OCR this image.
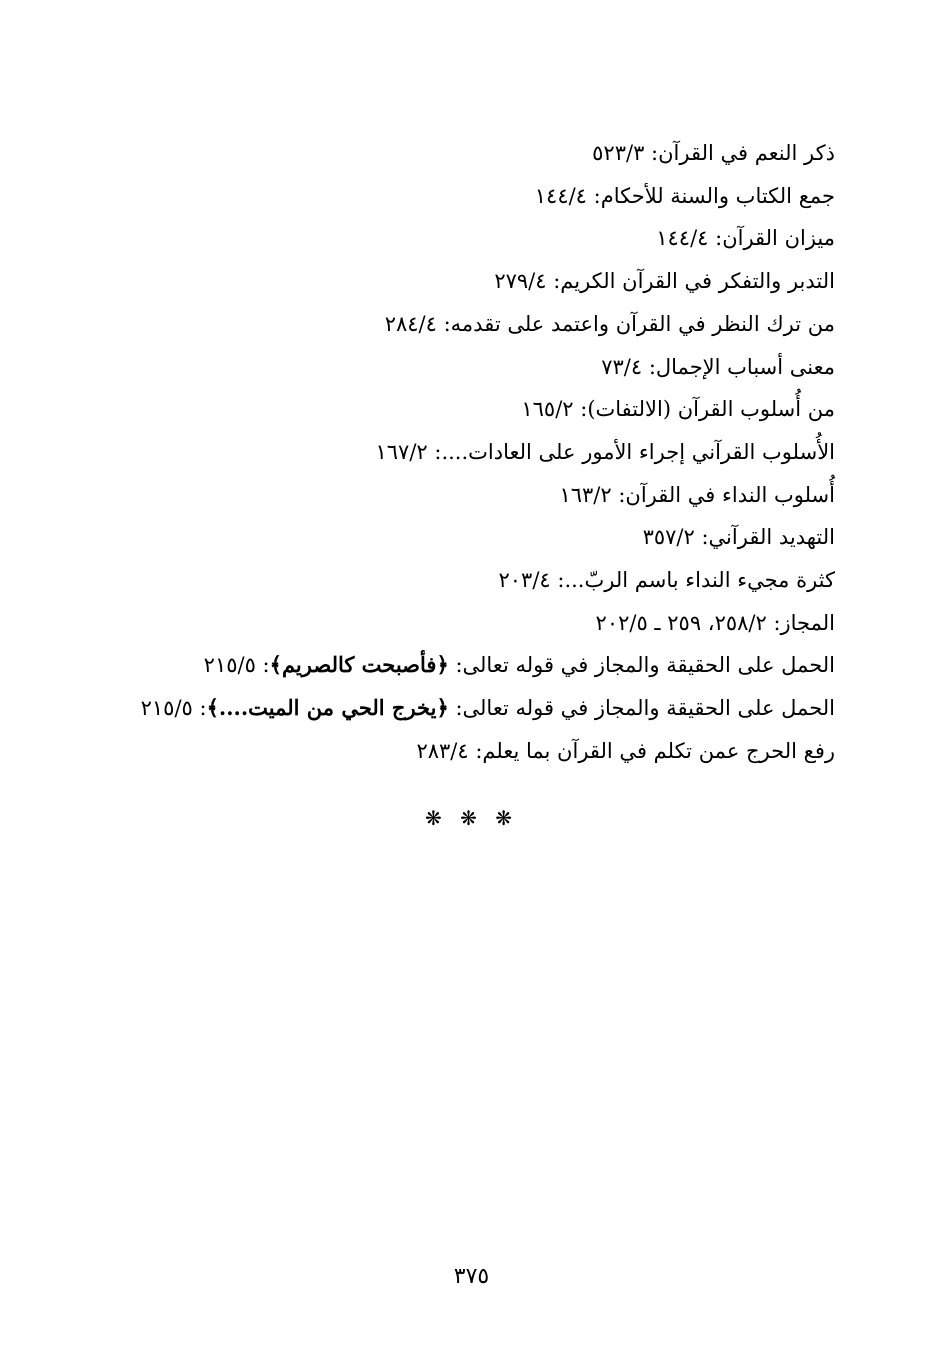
ذكر النعم في القرآن: ٥٢٣/٣
جمع الكتاب والسنة للأحكام: ١٤٤/٤
ميزان القرآن: ١٤٤/٤
التدبر والتفكر في القرآن الكريم: ٢٧٩/٤
من ترك النظر في القرآن واعتمد على تقدمه: ٢٨٤/٤
معنى أسباب الإجمال: ٧٣/٤
من أُسلوب القرآن (الالتفات): ١٦٥/٢
الأُسلوب القرآني إجراء الأمور على العادات....: ١٦٧/٢
أُسلوب النداء في القرآن: ١٦٣/٢
التهديد القرآني: ٣٥٧/٢
كثرة مجيء النداء باسم الربّ...: ٢٠٣/٤
المجاز: ٢٥٨/٢، ٢٥٩ ـ ٢٠٢/٥
الحمل على الحقيقة والمجاز في قوله تعالى: ﴿فأصبحت كالصريم﴾: ٢١٥/٥
الحمل على الحقيقة والمجاز في قوله تعالى: ﴿يخرج الحي من الميت....﴾: ٢١٥/٥
رفع الحرج عمن تكلم في القرآن بما يعلم: ٢٨٣/٤
❋ ❋ ❋
٣٧٥
